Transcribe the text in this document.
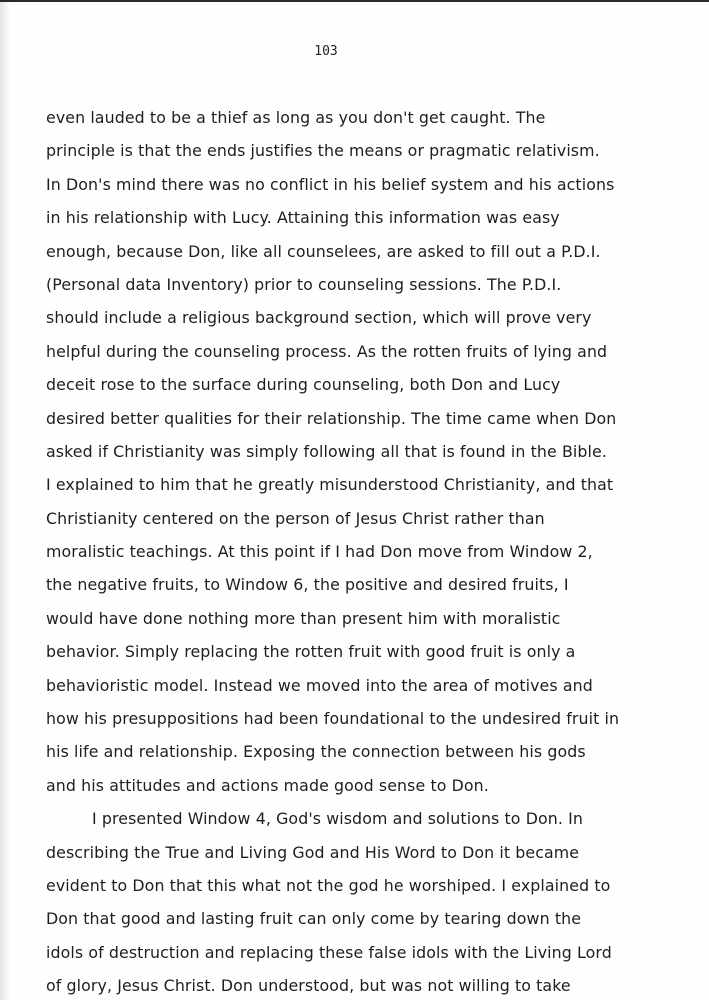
103
even lauded to be a thief as long as you don't get caught. The
principle is that the ends justifies the means or pragmatic relativism.
In Don's mind there was no conflict in his belief system and his actions
in his relationship with Lucy. Attaining this information was easy
enough, because Don, like all counselees, are asked to fill out a P.D.I.
(Personal data Inventory) prior to counseling sessions. The P.D.I.
should include a religious background section, which will prove very
helpful during the counseling process. As the rotten fruits of lying and
deceit rose to the surface during counseling, both Don and Lucy
desired better qualities for their relationship. The time came when Don
asked if Christianity was simply following all that is found in the Bible.
I explained to him that he greatly misunderstood Christianity, and that
Christianity centered on the person of Jesus Christ rather than
moralistic teachings. At this point if I had Don move from Window 2,
the negative fruits, to Window 6, the positive and desired fruits, I
would have done nothing more than present him with moralistic
behavior. Simply replacing the rotten fruit with good fruit is only a
behavioristic model. Instead we moved into the area of motives and
how his presuppositions had been foundational to the undesired fruit in
his life and relationship. Exposing the connection between his gods
and his attitudes and actions made good sense to Don.
I presented Window 4, God's wisdom and solutions to Don. In
describing the True and Living God and His Word to Don it became
evident to Don that this what not the god he worshiped. I explained to
Don that good and lasting fruit can only come by tearing down the
idols of destruction and replacing these false idols with the Living Lord
of glory, Jesus Christ. Don understood, but was not willing to take
